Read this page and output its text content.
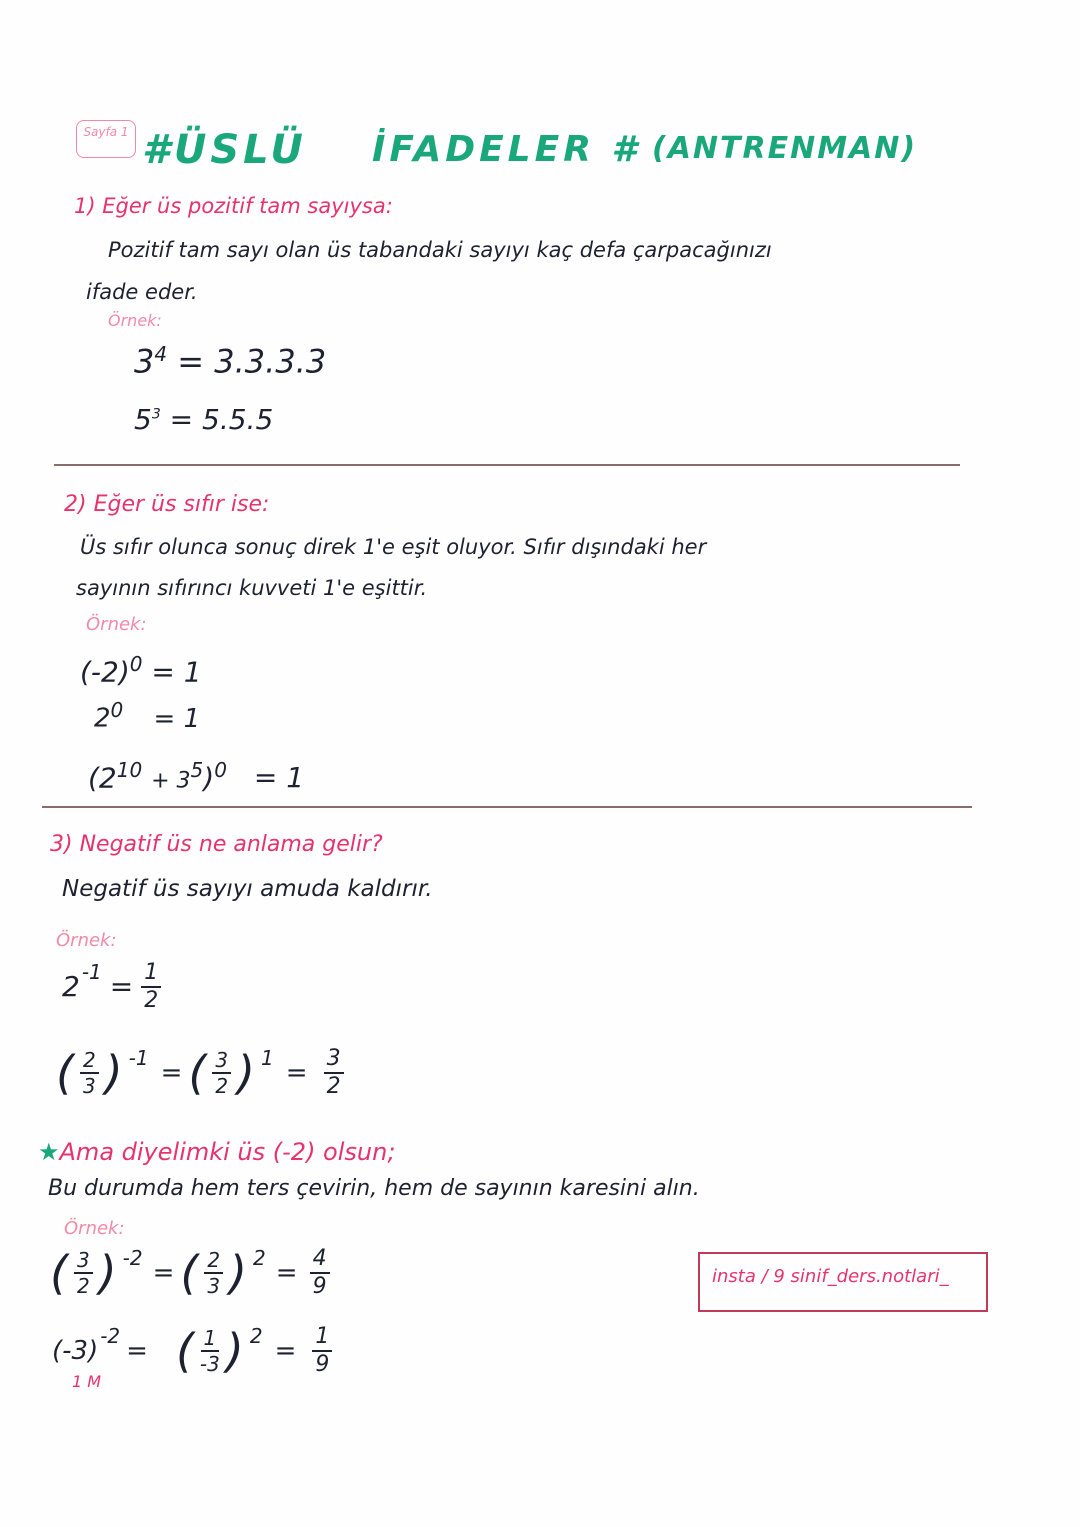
Sayfa 1 #ÜSLÜ İFADELER # (ANTRENMAN)
1) Eğer üs pozitif tam sayıysa:
Pozitif tam sayı olan üs tabandaki sayıyı kaç defa çarpacağınızı
ifade eder.
Örnek:
$3^4 = 3.3.3.3$
$5^3 = 5.5.5$
2) Eğer üs sıfır ise:
Üs sıfır olunca sonuç direk 1'e eşit oluyor. Sıfır dışındaki her
sayının sıfırıncı kuvveti 1'e eşittir.
Örnek:
$(-2)^0 = 1$
$2^0 = 1$
$(2^{10} + 3^5)^0 = 1$
3) Negatif üs ne anlama gelir?
Negatif üs sayıyı amuda kaldırır.
Örnek:
$2^{-1} = \frac{1}{2}$
( $\frac{2}{3}$ ) $^{-1}$ = ( $\frac{3}{2}$ ) $^1 = \frac{3}{2}$
★Ama diyelimki üs (-2) olsun;
Bu durumda hem ters çevirin, hem de sayının karesini alın.
Örnek:
( $\frac{3}{2}$ ) $^{-2}$ = ( $\frac{2}{3}$ ) $^2 = \frac{4}{9}$
$(-3)^{-2}$ = ( $\frac{1}{-3}$ ) $^2 = \frac{1}{9}$
1 M
insta / 9 sinif_ders.notlari_
